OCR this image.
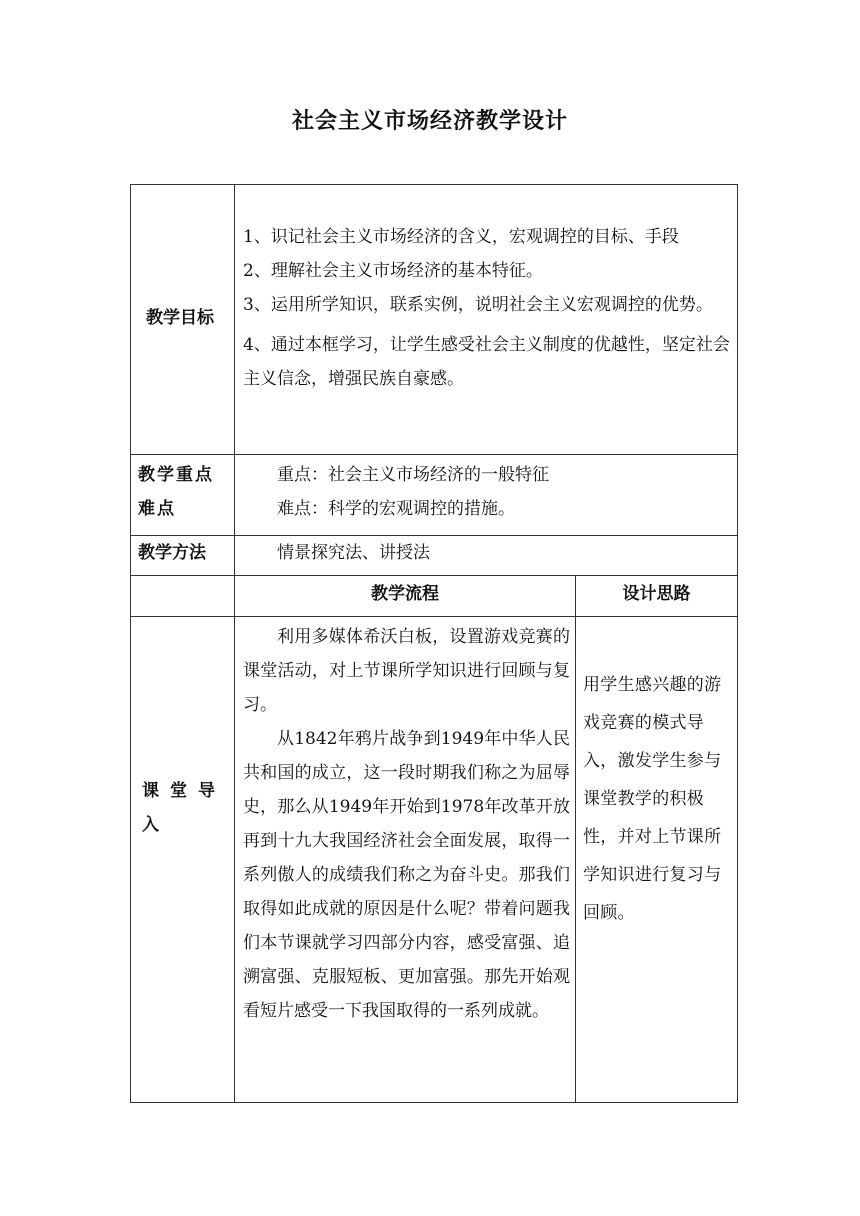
社会主义市场经济教学设计
教学目标

1、识记社会主义市场经济的含义，宏观调控的目标、手段

2、理解社会主义市场经济的基本特征。

3、运用所学知识，联系实例，说明社会主义宏观调控的优势。

4、通过本框学习，让学生感受社会主义制度的优越性，坚定社会主义信念，增强民族自豪感。

教学重点难点

重点：社会主义市场经济的一般特征

难点：科学的宏观调控的措施。

教学方法	情景探究法、讲授法

教学流程	设计思路
课堂导入

利用多媒体希沃白板，设置游戏竞赛的课堂活动，对上节课所学知识进行回顾与复习。

从1842年鸦片战争到1949年中华人民共和国的成立，这一段时期我们称之为屈辱史，那么从1949年开始到1978年改革开放再到十九大我国经济社会全面发展，取得一系列傲人的成绩我们称之为奋斗史。那我们取得如此成就的原因是什么呢？带着问题我们本节课就学习四部分内容，感受富强、追溯富强、克服短板、更加富强。那先开始观看短片感受一下我国取得的一系列成就。

用学生感兴趣的游戏竞赛的模式导入，激发学生参与课堂教学的积极性，并对上节课所学知识进行复习与回顾。
